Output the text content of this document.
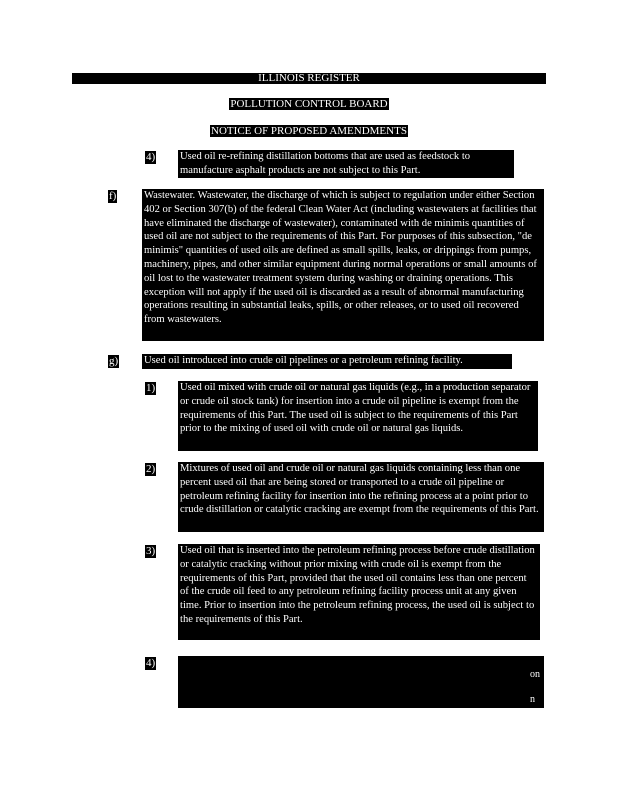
ILLINOIS REGISTER
POLLUTION CONTROL BOARD
NOTICE OF PROPOSED AMENDMENTS
4) Used oil re-refining distillation bottoms that are used as feedstock to manufacture asphalt products are not subject to this Part.

f)	Wastewater. Wastewater, the discharge of which is subject to regulation under either Section 402 or Section 307(b) of the federal Clean Water Act (including wastewaters at facilities that have eliminated the discharge of wastewater), contaminated with de minimis quantities of used oil are not subject to the requirements of this Part. For purposes of this subsection, "de minimis" quantities of used oils are defined as small spills, leaks, or drippings from pumps, machinery, pipes, and other similar equipment during normal operations or small amounts of oil lost to the wastewater treatment system during washing or draining operations. This exception will not apply if the used oil is discarded as a result of abnormal manufacturing operations resulting in substantial leaks, spills, or other releases, or to used oil recovered from wastewaters.

g) Used oil introduced into crude oil pipelines or a petroleum refining facility.

1) Used oil mixed with crude oil or natural gas liquids (e.g., in a production separator or crude oil stock tank) for insertion into a crude oil pipeline is exempt from the requirements of this Part. The used oil is subject to the requirements of this Part prior to the mixing of used oil with crude oil or natural gas liquids.

2) Mixtures of used oil and crude oil or natural gas liquids containing less than one percent used oil that are being stored or transported to a crude oil pipeline or petroleum refining facility for insertion into the refining process at a point prior to crude distillation or catalytic cracking are exempt from the requirements of this Part.

3) Used oil that is inserted into the petroleum refining process before crude distillation or catalytic cracking without prior mixing with crude oil is exempt from the requirements of this Part, provided that the used oil contains less than one percent of the crude oil feed to any petroleum refining facility process unit at any given time. Prior to insertion into the petroleum refining process, the used oil is subject to the requirements of this Part.

4)

on
n
